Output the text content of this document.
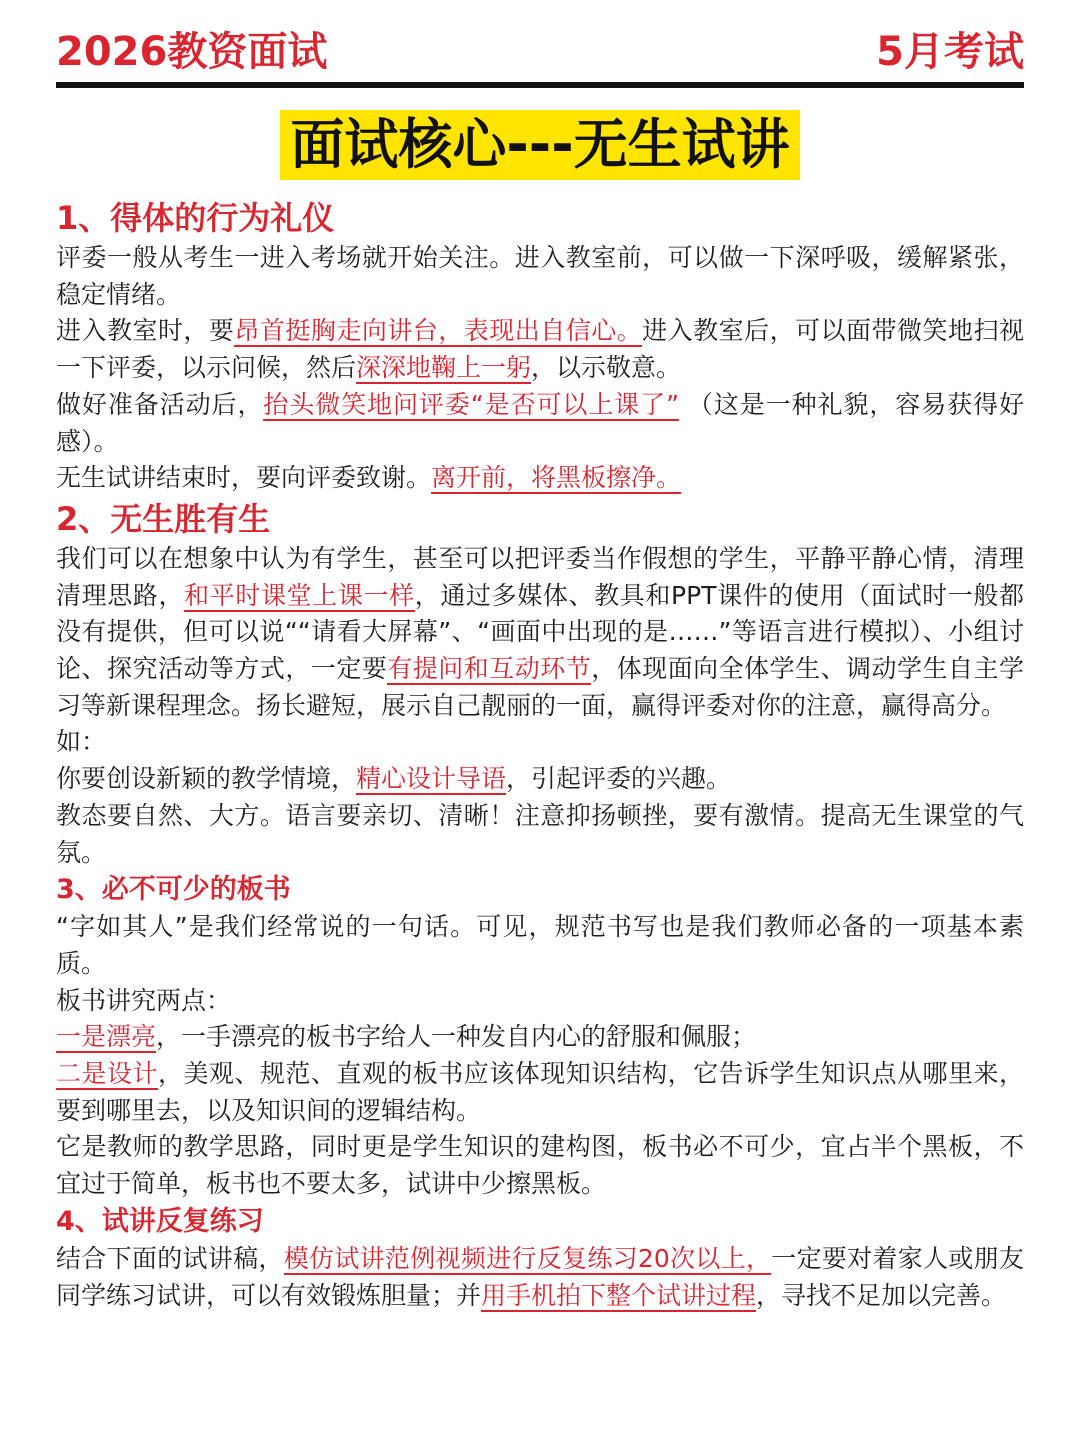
2026教资面试	5月考试
面试核心---无生试讲
1、得体的行为礼仪
评委一般从考生一进入考场就开始关注。进入教室前，可以做一下深呼吸，缓解紧张，稳定情绪。
进入教室时，要昂首挺胸走向讲台，表现出自信心。进入教室后，可以面带微笑地扫视一下评委，以示问候，然后深深地鞠上一躬，以示敬意。
做好准备活动后，抬头微笑地问评委“是否可以上课了” （这是一种礼貌，容易获得好感）。
无生试讲结束时，要向评委致谢。离开前，将黑板擦净。
2、无生胜有生
我们可以在想象中认为有学生，甚至可以把评委当作假想的学生，平静平静心情，清理清理思路，和平时课堂上课一样，通过多媒体、教具和PPT课件的使用（面试时一般都没有提供，但可以说““请看大屏幕”、“画面中出现的是……”等语言进行模拟）、小组讨论、探究活动等方式，一定要有提问和互动环节，体现面向全体学生、调动学生自主学习等新课程理念。扬长避短，展示自己靓丽的一面，赢得评委对你的注意，赢得高分。
如：
你要创设新颖的教学情境，精心设计导语，引起评委的兴趣。
教态要自然、大方。语言要亲切、清晰！注意抑扬顿挫，要有激情。提高无生课堂的气氛。
3、必不可少的板书
“字如其人”是我们经常说的一句话。可见，规范书写也是我们教师必备的一项基本素质。
板书讲究两点：
一是漂亮，一手漂亮的板书字给人一种发自内心的舒服和佩服；
二是设计，美观、规范、直观的板书应该体现知识结构，它告诉学生知识点从哪里来，要到哪里去，以及知识间的逻辑结构。
它是教师的教学思路，同时更是学生知识的建构图，板书必不可少，宜占半个黑板，不宜过于简单，板书也不要太多，试讲中少擦黑板。
4、试讲反复练习
结合下面的试讲稿，模仿试讲范例视频进行反复练习20次以上，一定要对着家人或朋友同学练习试讲，可以有效锻炼胆量；并用手机拍下整个试讲过程，寻找不足加以完善。
